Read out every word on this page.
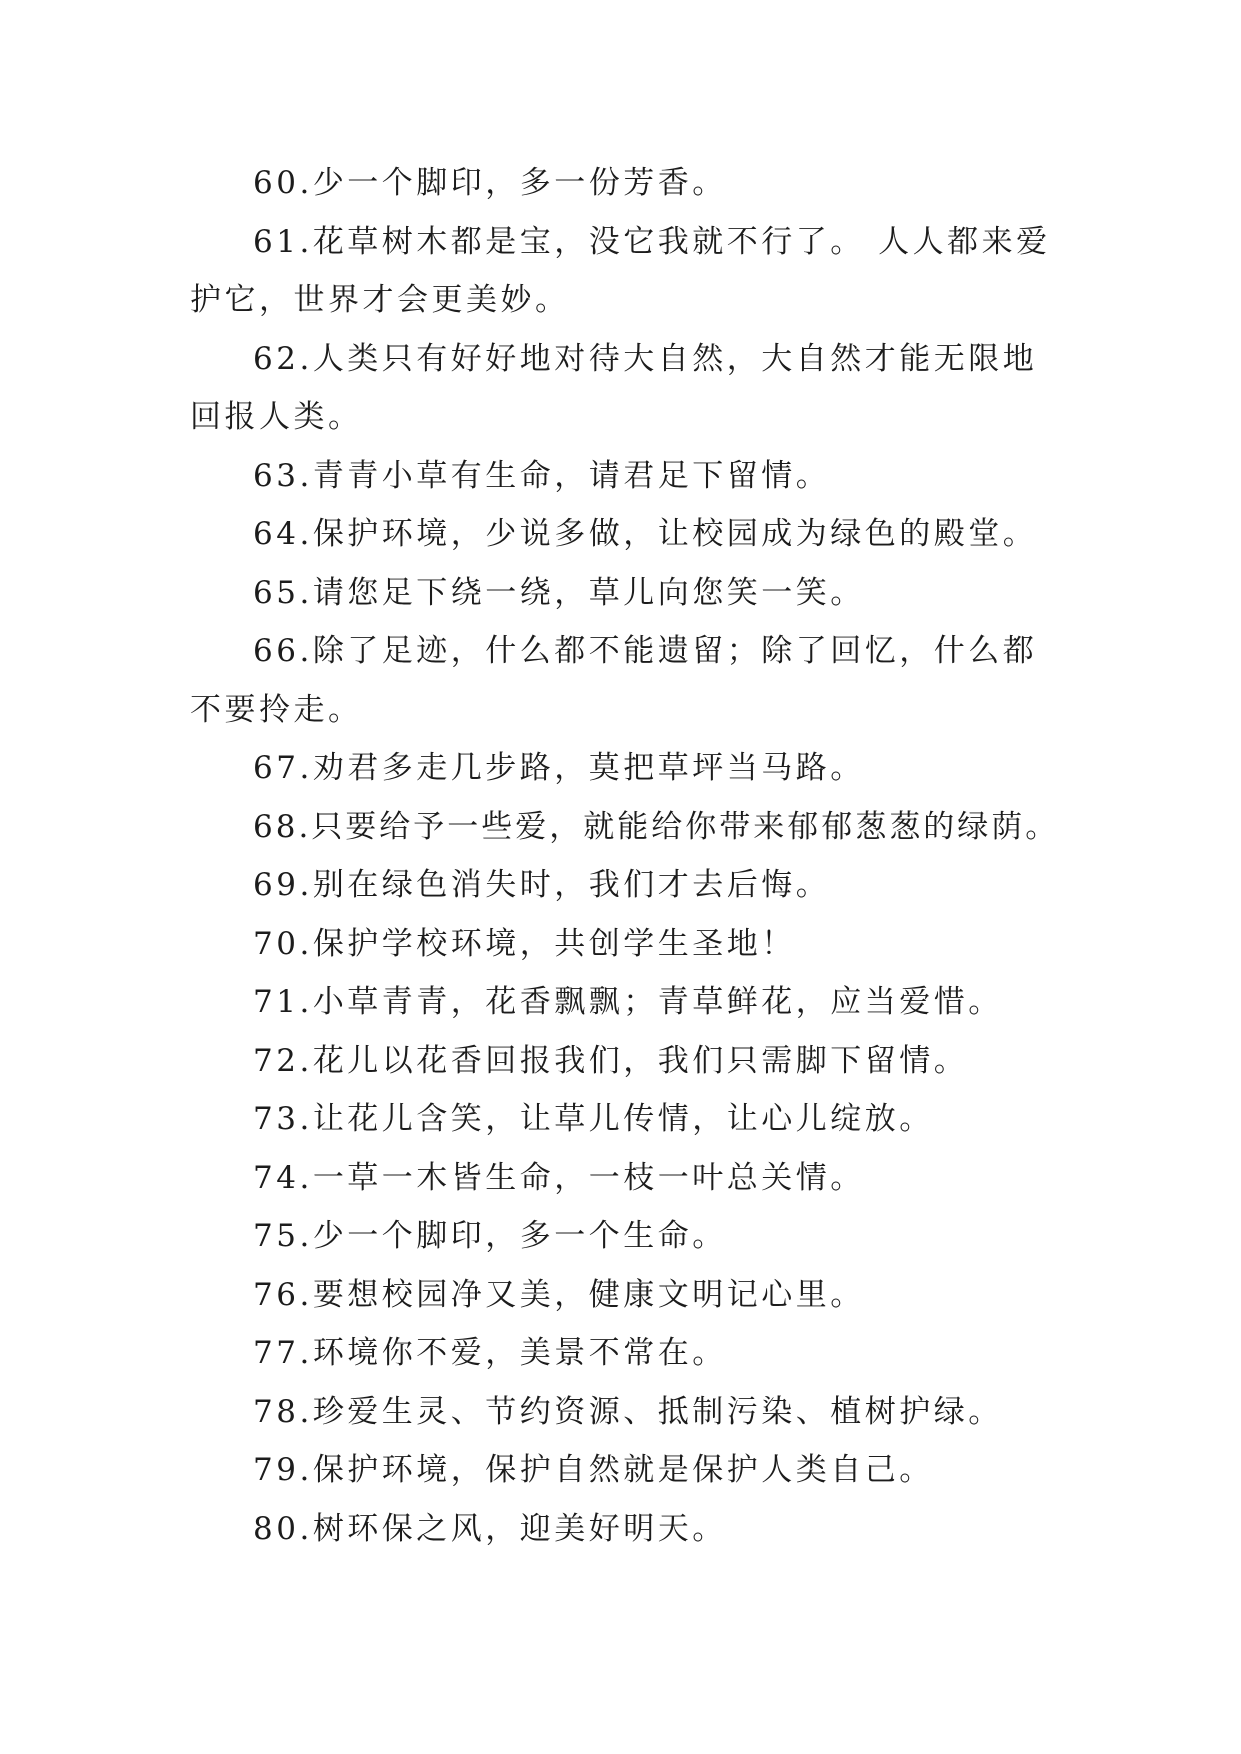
60.少一个脚印，多一份芳香。

61.花草树木都是宝，没它我就不行了。 人人都来爱护它，世界才会更美妙。

62.人类只有好好地对待大自然，大自然才能无限地回报人类。

63.青青小草有生命，请君足下留情。

64.保护环境，少说多做，让校园成为绿色的殿堂。

65.请您足下绕一绕，草儿向您笑一笑。

66.除了足迹，什么都不能遗留；除了回忆，什么都不要拎走。

67.劝君多走几步路，莫把草坪当马路。

68.只要给予一些爱，就能给你带来郁郁葱葱的绿荫。

69.别在绿色消失时，我们才去后悔。

70.保护学校环境，共创学生圣地！

71.小草青青，花香飘飘；青草鲜花，应当爱惜。

72.花儿以花香回报我们，我们只需脚下留情。

73.让花儿含笑，让草儿传情，让心儿绽放。

74.一草一木皆生命，一枝一叶总关情。

75.少一个脚印，多一个生命。

76.要想校园净又美，健康文明记心里。

77.环境你不爱，美景不常在。

78.珍爱生灵、节约资源、抵制污染、植树护绿。

79.保护环境，保护自然就是保护人类自己。

80.树环保之风，迎美好明天。
